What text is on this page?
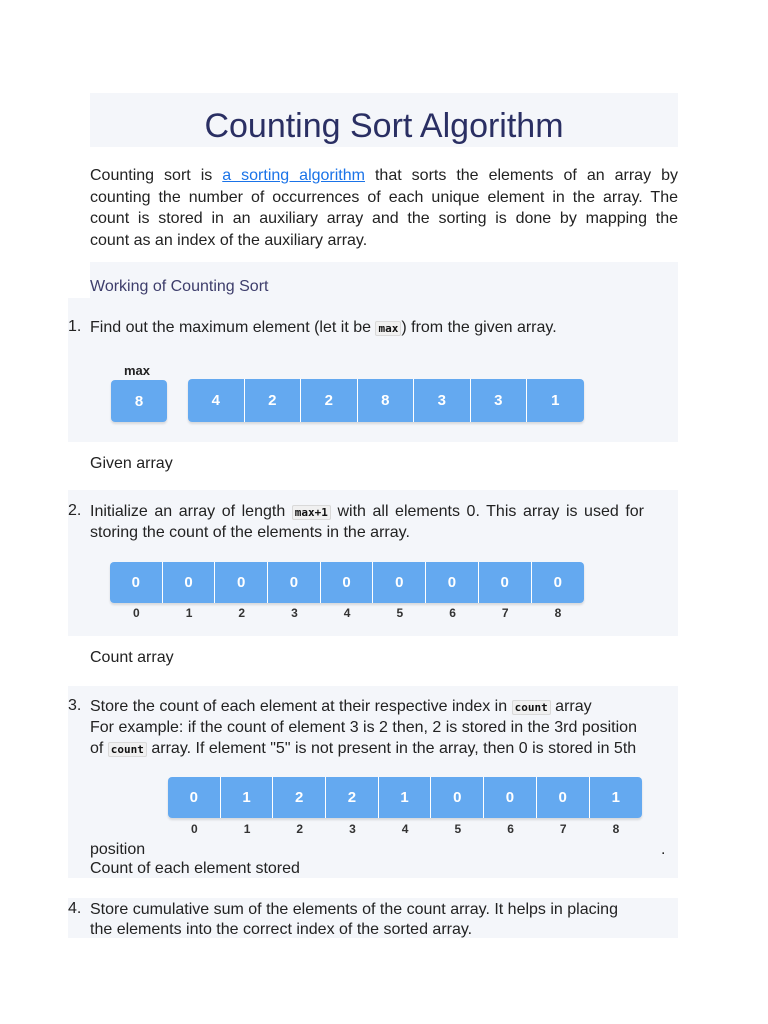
Counting Sort Algorithm
Counting sort is a sorting algorithm that sorts the elements of an array by
counting the number of occurrences of each unique element in the array. The
count is stored in an auxiliary array and the sorting is done by mapping the
count as an index of the auxiliary array.
Working of Counting Sort
1. Find out the maximum element (let it be max ) from the given array.
max
8	4	2	2	8	3	3	1
Given array
2. Initialize an array of length max+1 with all elements 0. This array is used for
storing the count of the elements in the array.
0	0	0	0	0	0	0	0	0
0	1	2	3	4	5	6	7	8
Count array
3. Store the count of each element at their respective index in count array
For example: if the count of element 3 is 2 then, 2 is stored in the 3rd position
of count array. If element "5" is not present in the array, then 0 is stored in 5th
0	1	2	2	1	0	0	0	1
0	1	2	3	4	5	6	7	8
position	.
Count of each element stored
4. Store cumulative sum of the elements of the count array. It helps in placing
the elements into the correct index of the sorted array.
